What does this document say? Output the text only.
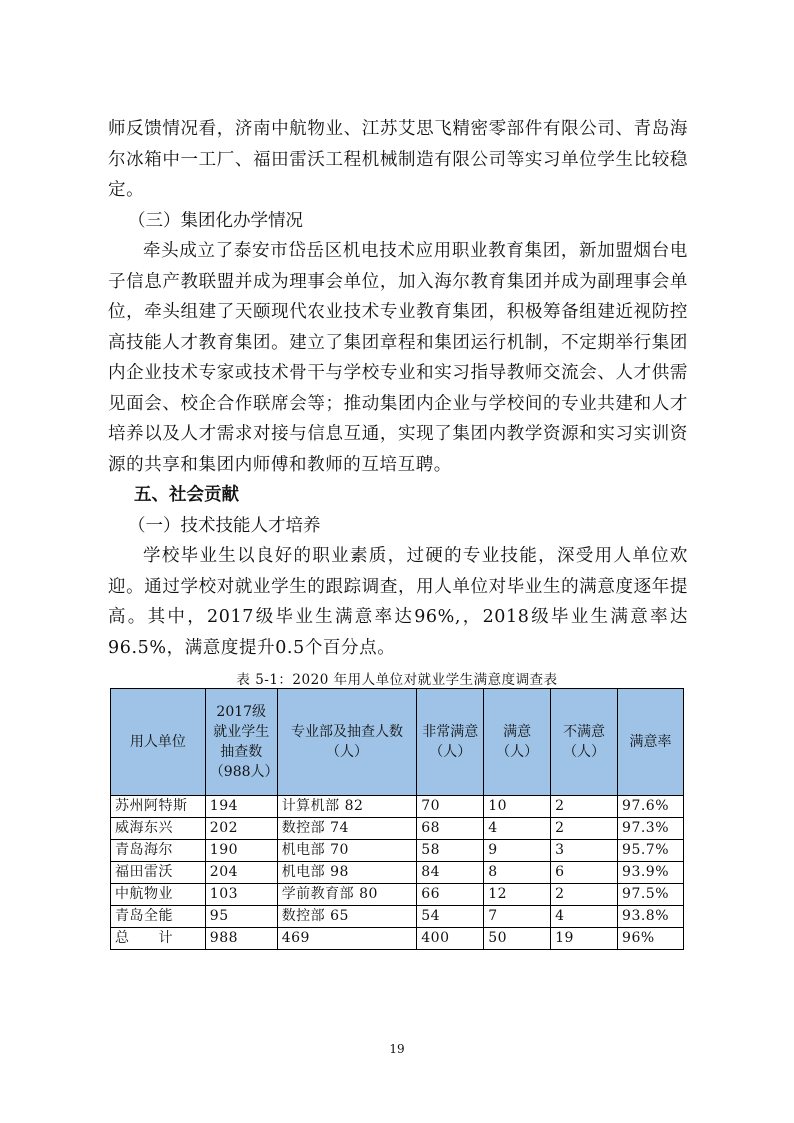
师反馈情况看，济南中航物业、江苏艾思飞精密零部件有限公司、青岛海尔冰箱中一工厂、福田雷沃工程机械制造有限公司等实习单位学生比较稳定。

（三）集团化办学情况

牵头成立了泰安市岱岳区机电技术应用职业教育集团，新加盟烟台电子信息产教联盟并成为理事会单位，加入海尔教育集团并成为副理事会单位，牵头组建了天颐现代农业技术专业教育集团，积极筹备组建近视防控高技能人才教育集团。建立了集团章程和集团运行机制，不定期举行集团内企业技术专家或技术骨干与学校专业和实习指导教师交流会、人才供需见面会、校企合作联席会等；推动集团内企业与学校间的专业共建和人才培养以及人才需求对接与信息互通，实现了集团内教学资源和实习实训资源的共享和集团内师傅和教师的互培互聘。

五、社会贡献

（一）技术技能人才培养

学校毕业生以良好的职业素质，过硬的专业技能，深受用人单位欢迎。通过学校对就业学生的跟踪调查，用人单位对毕业生的满意度逐年提高。其中，2017级毕业生满意率达96%,，2018级毕业生满意率达96.5%，满意度提升0.5个百分点。

表 5-1：2020 年用人单位对就业学生满意度调查表
用人单位	2017级就业学生抽查数（988人）	专业部及抽查人数（人）	非常满意（人）	满意（人）	不满意（人）	满意率
苏州阿特斯	194	计算机部 82	70	10	2	97.6%
威海东兴	202	数控部 74	68	4	2	97.3%
青岛海尔	190	机电部 70	58	9	3	95.7%
福田雷沃	204	机电部 98	84	8	6	93.9%
中航物业	103	学前教育部 80	66	12	2	97.5%
青岛全能	95	数控部 65	54	7	4	93.8%
总　　计	988	469	400	50	19	96%
19
